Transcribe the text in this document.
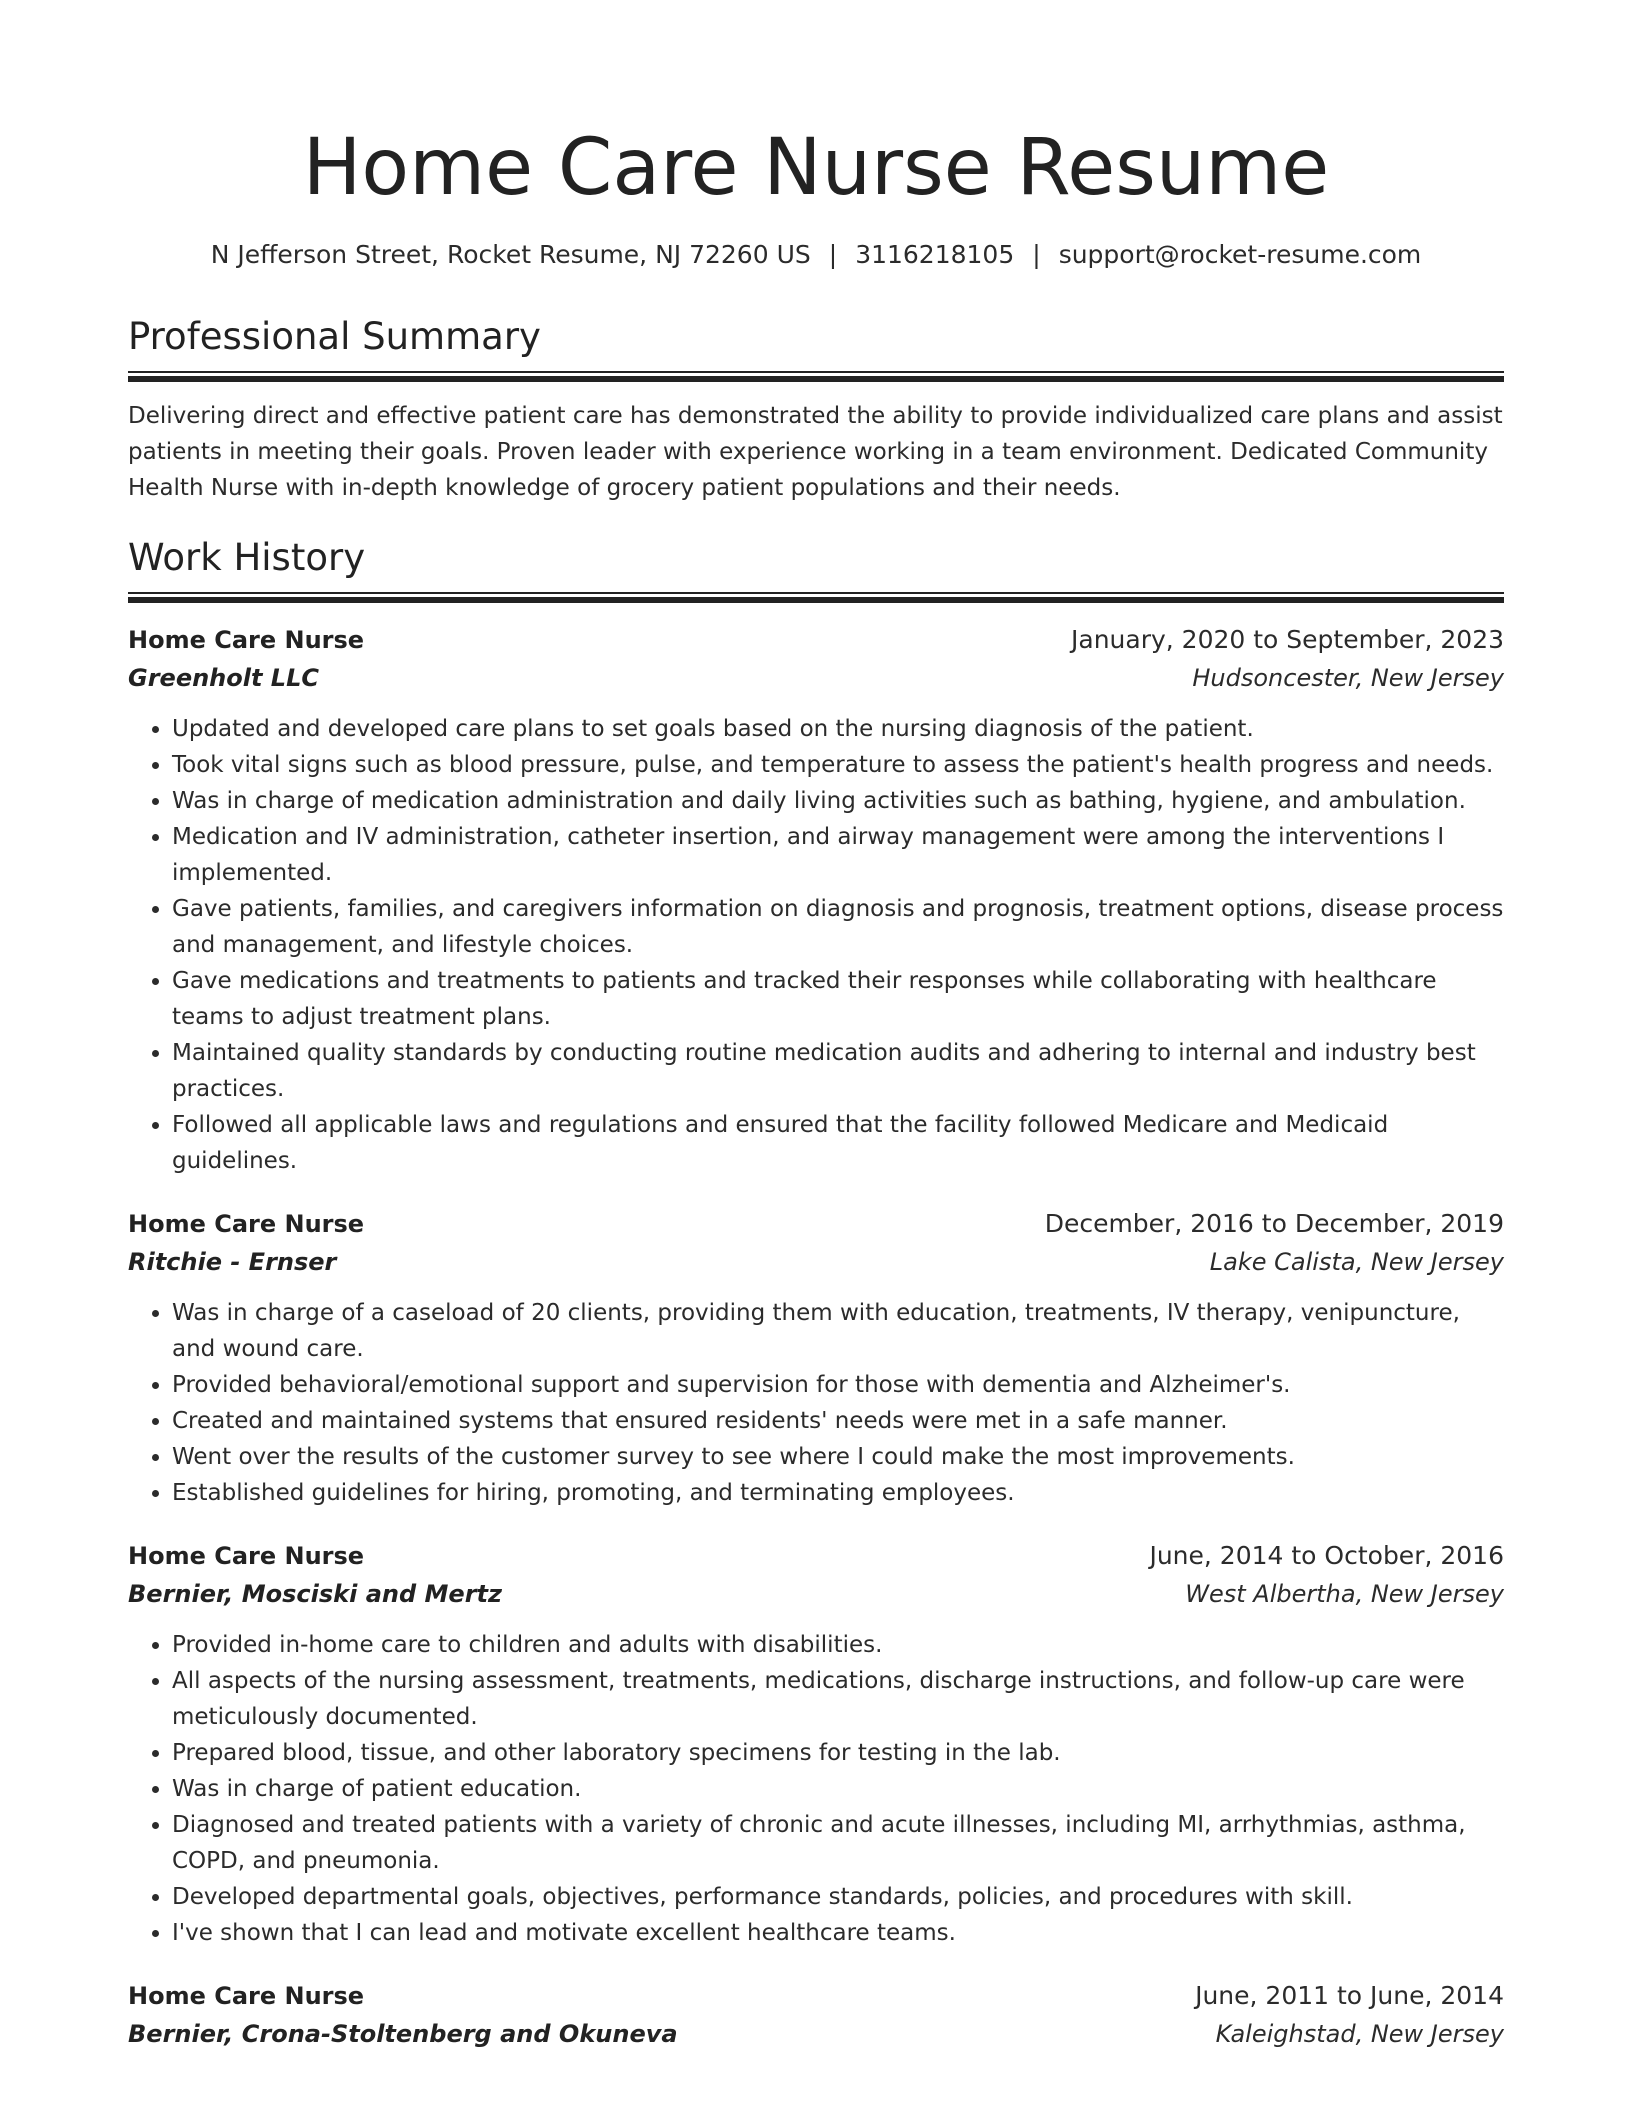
Home Care Nurse Resume
N Jefferson Street, Rocket Resume, NJ 72260 US | 3116218105 | support@rocket-resume.com
Professional Summary

Delivering direct and effective patient care has demonstrated the ability to provide individualized care plans and assist patients in meeting their goals. Proven leader with experience working in a team environment. Dedicated Community Health Nurse with in-depth knowledge of grocery patient populations and their needs.

Work History
Home Care Nurse	January, 2020 to September, 2023
Greenholt LLC	Hudsoncester, New Jersey
• Updated and developed care plans to set goals based on the nursing diagnosis of the patient.
• Took vital signs such as blood pressure, pulse, and temperature to assess the patient's health progress and needs.
• Was in charge of medication administration and daily living activities such as bathing, hygiene, and ambulation.
• Medication and IV administration, catheter insertion, and airway management were among the interventions I implemented.
• Gave patients, families, and caregivers information on diagnosis and prognosis, treatment options, disease process and management, and lifestyle choices.
• Gave medications and treatments to patients and tracked their responses while collaborating with healthcare teams to adjust treatment plans.
• Maintained quality standards by conducting routine medication audits and adhering to internal and industry best practices.
• Followed all applicable laws and regulations and ensured that the facility followed Medicare and Medicaid guidelines.
Home Care Nurse	December, 2016 to December, 2019
Ritchie - Ernser	Lake Calista, New Jersey
• Was in charge of a caseload of 20 clients, providing them with education, treatments, IV therapy, venipuncture, and wound care.
• Provided behavioral/emotional support and supervision for those with dementia and Alzheimer's.
• Created and maintained systems that ensured residents' needs were met in a safe manner.
• Went over the results of the customer survey to see where I could make the most improvements.
• Established guidelines for hiring, promoting, and terminating employees.
Home Care Nurse	June, 2014 to October, 2016
Bernier, Mosciski and Mertz	West Albertha, New Jersey
• Provided in-home care to children and adults with disabilities.
• All aspects of the nursing assessment, treatments, medications, discharge instructions, and follow-up care were meticulously documented.
• Prepared blood, tissue, and other laboratory specimens for testing in the lab.
• Was in charge of patient education.
• Diagnosed and treated patients with a variety of chronic and acute illnesses, including MI, arrhythmias, asthma, COPD, and pneumonia.
• Developed departmental goals, objectives, performance standards, policies, and procedures with skill.
• I've shown that I can lead and motivate excellent healthcare teams.
Home Care Nurse	June, 2011 to June, 2014
Bernier, Crona-Stoltenberg and Okuneva	Kaleighstad, New Jersey
